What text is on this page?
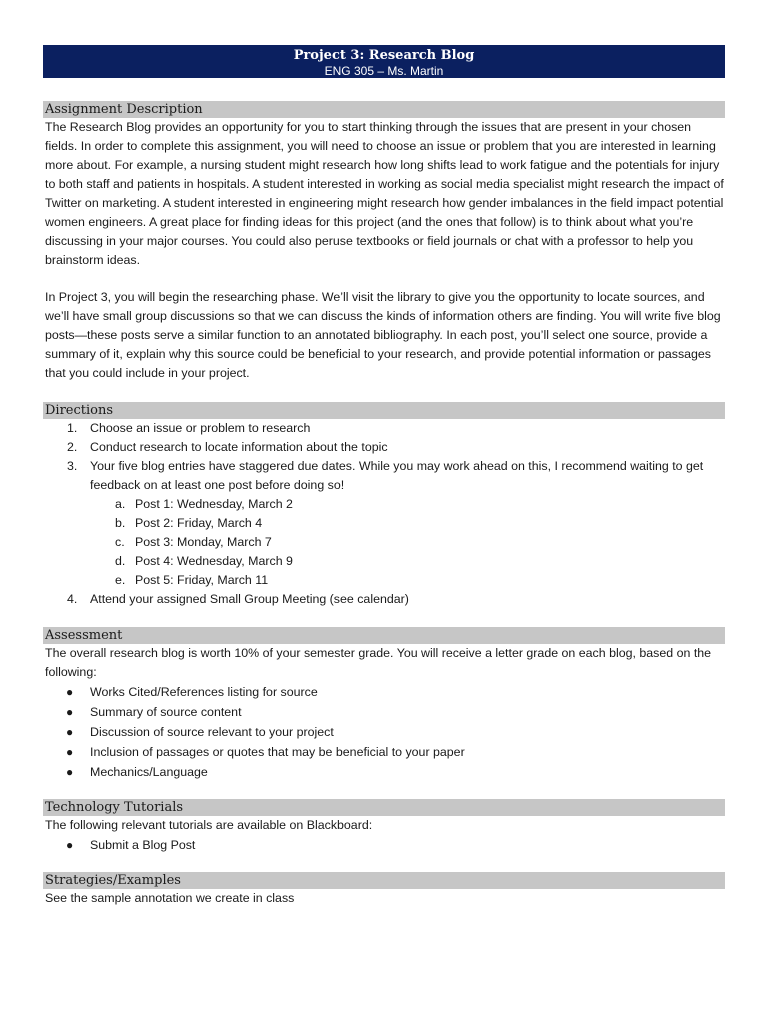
Project 3: Research Blog
ENG 305 – Ms. Martin
Assignment Description

The Research Blog provides an opportunity for you to start thinking through the issues that are present in your chosen fields. In order to complete this assignment, you will need to choose an issue or problem that you are interested in learning more about. For example, a nursing student might research how long shifts lead to work fatigue and the potentials for injury to both staff and patients in hospitals. A student interested in working as social media specialist might research the impact of Twitter on marketing. A student interested in engineering might research how gender imbalances in the field impact potential women engineers. A great place for finding ideas for this project (and the ones that follow) is to think about what you’re discussing in your major courses. You could also peruse textbooks or field journals or chat with a professor to help you brainstorm ideas.

In Project 3, you will begin the researching phase. We’ll visit the library to give you the opportunity to locate sources, and we’ll have small group discussions so that we can discuss the kinds of information others are finding. You will write five blog posts—these posts serve a similar function to an annotated bibliography. In each post, you’ll select one source, provide a summary of it, explain why this source could be beneficial to your research, and provide potential information or passages that you could include in your project.

Directions
1.	Choose an issue or problem to research
2.	Conduct research to locate information about the topic
3.	Your five blog entries have staggered due dates. While you may work ahead on this, I recommend waiting to get feedback on at least one post before doing so!
a. Post 1: Wednesday, March 2
b. Post 2: Friday, March 4
c. Post 3: Monday, March 7
d. Post 4: Wednesday, March 9
e. Post 5: Friday, March 11
4.	Attend your assigned Small Group Meeting (see calendar)
Assessment

The overall research blog is worth 10% of your semester grade. You will receive a letter grade on each blog, based on the following:

● Works Cited/References listing for source
● Summary of source content
● Discussion of source relevant to your project
● Inclusion of passages or quotes that may be beneficial to your paper
● Mechanics/Language
Technology Tutorials

The following relevant tutorials are available on Blackboard:

● Submit a Blog Post
Strategies/Examples

See the sample annotation we create in class
